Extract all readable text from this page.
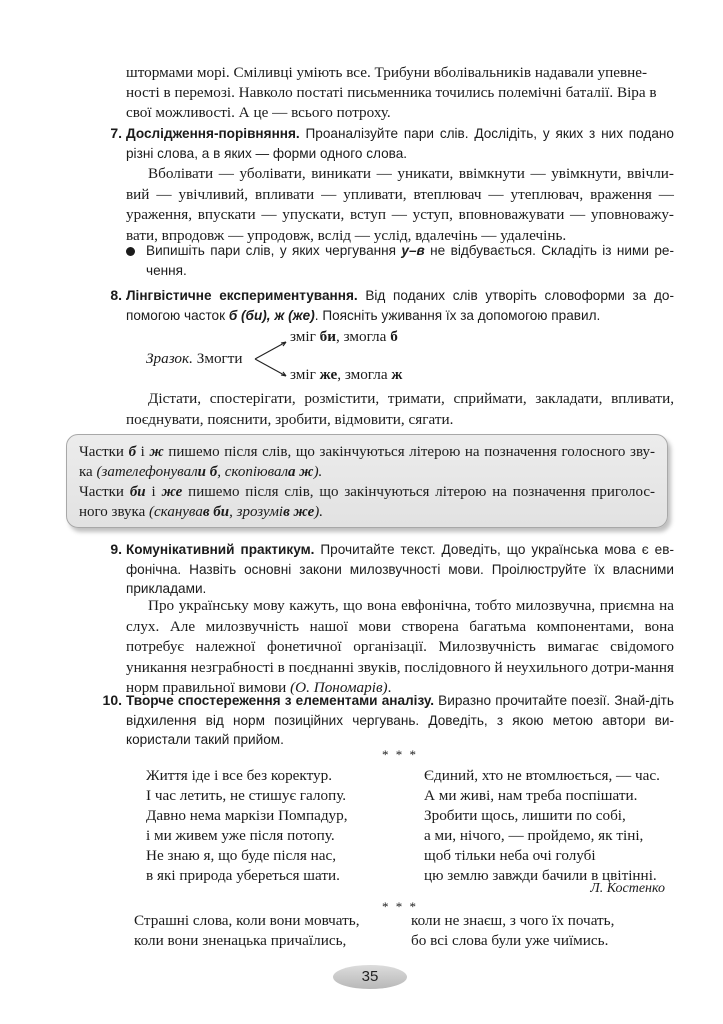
штормами морі. Сміливці уміють все. Трибуни вболівальників надавали упевне-
ності в перемозі. Навколо постаті письменника точились полемічні баталії. Віра в
свої можливості. А це — всього потроху.
7. Дослідження-порівняння. Проаналізуйте пари слів. Дослідіть, у яких з них подано різні слова, а в яких — форми одного слова.

Вболівати — уболівати, виникати — уникати, ввімкнути — увімкнути, ввічли-вий — увічливий, впливати — упливати, втеплювач — утеплювач, враження — ураження, впускати — упускати, вступ — уступ, вповноважувати — уповноважу-вати, впродовж — упродовж, вслід — услід, вдалечінь — удалечінь.

Випишіть пари слів, у яких чергування у–в не відбувається. Складіть із ними ре-чення.

8. Лінгвістичне експериментування. Від поданих слів утворіть словоформи за до-помогою часток б (би), ж (же). Поясніть уживання їх за допомогою правил.

Зразок. Змогти
зміг би, змогла б
зміг же, змогла ж

Дістати, спостерігати, розмістити, тримати, сприймати, закладати, впливати, поєднувати, пояснити, зробити, відмовити, сягати.

Частки б і ж пишемо після слів, що закінчуються літерою на позначення голосного зву-ка (зателефонували б, скопіювала ж).

Частки би і же пишемо після слів, що закінчуються літерою на позначення приголос-ного звука (сканував би, зрозумів же).

9. Комунікативний практикум. Прочитайте текст. Доведіть, що українська мова є ев-фонічна. Назвіть основні закони милозвучності мови. Проілюструйте їх власними прикладами.

Про українську мову кажуть, що вона евфонічна, тобто милозвучна, приємна на слух. Але милозвучність нашої мови створена багатьма компонентами, вона потребує належної фонетичної організації. Милозвучність вимагає свідомого уникання незграбності в поєднанні звуків, послідовного й неухильного дотри-мання норм правильної вимови (О. Пономарів).

10. Творче спостереження з елементами аналізу. Виразно прочитайте поезії. Знай-діть відхилення від норм позиційних чергувань. Доведіть, з якою метою автори ви-користали такий прийом.

* * *
Життя іде і все без коректур.
І час летить, не стишує галопу.
Давно нема маркізи Помпадур,
і ми живем уже після потопу.
Не знаю я, що буде після нас,
в які природа убереться шати.
Єдиний, хто не втомлюється, — час.
А ми живі, нам треба поспішати.
Зробити щось, лишити по собі,
а ми, нічого, — пройдемо, як тіні,
щоб тільки неба очі голубі
цю землю завжди бачили в цвітінні.
Л. Костенко
* * *
Страшні слова, коли вони мовчать,
коли вони зненацька причаїлись,
коли не знаєш, з чого їх почать,
бо всі слова були уже чиїмись.
35
